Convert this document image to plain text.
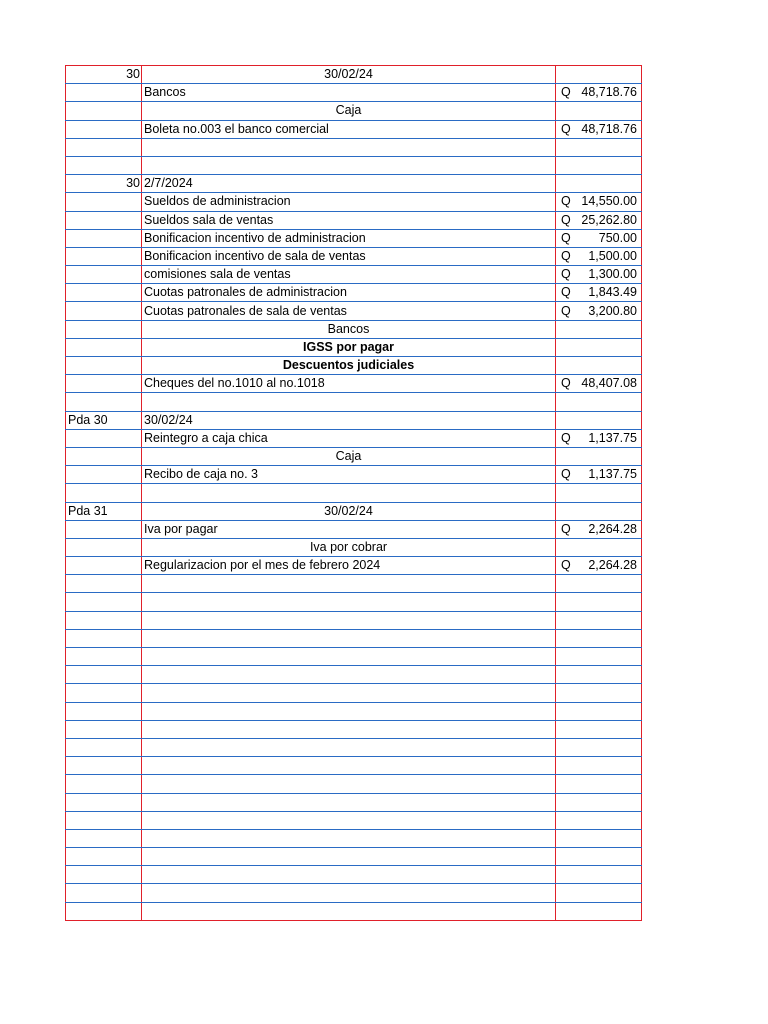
30	30/02/24	

	Bancos	Q 48,718.76

	Caja	

	Boleta no.003 el banco comercial	Q 48,718.76

30	2/7/2024	

	Sueldos de administracion	Q 14,550.00

	Sueldos sala de ventas	Q 25,262.80

	Bonificacion incentivo de administracion	Q 750.00

	Bonificacion incentivo de sala de ventas	Q 1,500.00

	comisiones sala de ventas	Q 1,300.00

	Cuotas patronales de administracion	Q 1,843.49

	Cuotas patronales de sala de ventas	Q 3,200.80

	Bancos	

	IGSS por pagar	

	Descuentos judiciales	

	Cheques del no.1010 al no.1018	Q 48,407.08

Pda 30	30/02/24	

	Reintegro a caja chica	Q 1,137.75

	Caja	

	Recibo de caja no. 3	Q 1,137.75

Pda 31	30/02/24	

	Iva por pagar	Q 2,264.28

	Iva por cobrar	

	Regularizacion por el mes de febrero 2024	Q 2,264.28
